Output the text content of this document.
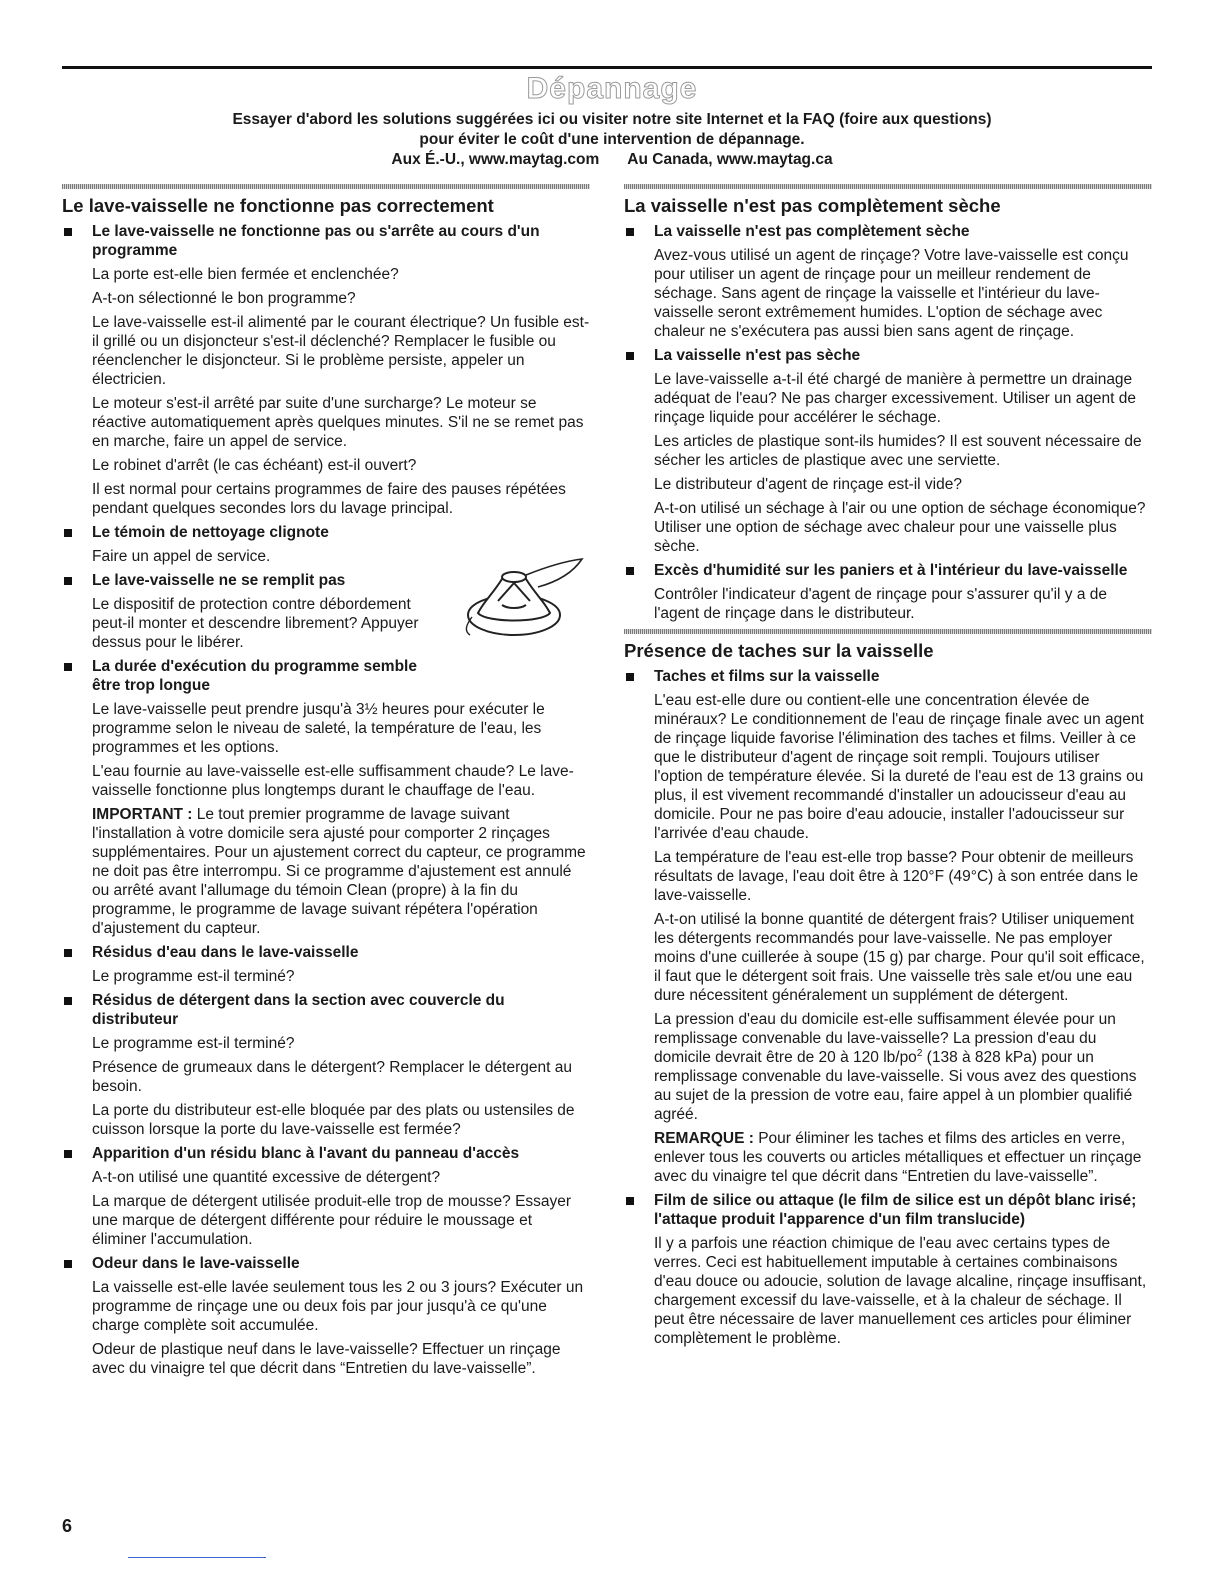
Dépannage
Essayer d'abord les solutions suggérées ici ou visiter notre site Internet et la FAQ (foire aux questions)
pour éviter le coût d'une intervention de dépannage.
Aux É.-U., www.maytag.com Au Canada, www.maytag.ca
Le lave-vaisselle ne fonctionne pas correctement
Le lave-vaisselle ne fonctionne pas ou s'arrête au cours d'un programme

La porte est-elle bien fermée et enclenchée?

A-t-on sélectionné le bon programme?

Le lave-vaisselle est-il alimenté par le courant électrique? Un fusible est-il grillé ou un disjoncteur s'est-il déclenché? Remplacer le fusible ou réenclencher le disjoncteur. Si le problème persiste, appeler un électricien.

Le moteur s'est-il arrêté par suite d'une surcharge? Le moteur se réactive automatiquement après quelques minutes. S'il ne se remet pas en marche, faire un appel de service.

Le robinet d'arrêt (le cas échéant) est-il ouvert?

Il est normal pour certains programmes de faire des pauses répétées pendant quelques secondes lors du lavage principal.

Le témoin de nettoyage clignote

Faire un appel de service.

Le lave-vaisselle ne se remplit pas

Le dispositif de protection contre débordement peut-il monter et descendre librement? Appuyer dessus pour le libérer.

La durée d'exécution du programme semble être trop longue

Le lave-vaisselle peut prendre jusqu'à 3½ heures pour exécuter le programme selon le niveau de saleté, la température de l'eau, les programmes et les options.

L'eau fournie au lave-vaisselle est-elle suffisamment chaude? Le lave-vaisselle fonctionne plus longtemps durant le chauffage de l'eau.

IMPORTANT : Le tout premier programme de lavage suivant l'installation à votre domicile sera ajusté pour comporter 2 rinçages supplémentaires. Pour un ajustement correct du capteur, ce programme ne doit pas être interrompu. Si ce programme d'ajustement est annulé ou arrêté avant l'allumage du témoin Clean (propre) à la fin du programme, le programme de lavage suivant répétera l'opération d'ajustement du capteur.

Résidus d'eau dans le lave-vaisselle

Le programme est-il terminé?

Résidus de détergent dans la section avec couvercle du distributeur

Le programme est-il terminé?

Présence de grumeaux dans le détergent? Remplacer le détergent au besoin.

La porte du distributeur est-elle bloquée par des plats ou ustensiles de cuisson lorsque la porte du lave-vaisselle est fermée?

Apparition d'un résidu blanc à l'avant du panneau d'accès

A-t-on utilisé une quantité excessive de détergent?

La marque de détergent utilisée produit-elle trop de mousse? Essayer une marque de détergent différente pour réduire le moussage et éliminer l'accumulation.

Odeur dans le lave-vaisselle

La vaisselle est-elle lavée seulement tous les 2 ou 3 jours? Exécuter un programme de rinçage une ou deux fois par jour jusqu'à ce qu'une charge complète soit accumulée.

Odeur de plastique neuf dans le lave-vaisselle? Effectuer un rinçage avec du vinaigre tel que décrit dans “Entretien du lave-vaisselle”.

La vaisselle n'est pas complètement sèche
La vaisselle n'est pas complètement sèche

Avez-vous utilisé un agent de rinçage? Votre lave-vaisselle est conçu pour utiliser un agent de rinçage pour un meilleur rendement de séchage. Sans agent de rinçage la vaisselle et l'intérieur du lave-vaisselle seront extrêmement humides. L'option de séchage avec chaleur ne s'exécutera pas aussi bien sans agent de rinçage.

La vaisselle n'est pas sèche

Le lave-vaisselle a-t-il été chargé de manière à permettre un drainage adéquat de l'eau? Ne pas charger excessivement. Utiliser un agent de rinçage liquide pour accélérer le séchage.

Les articles de plastique sont-ils humides? Il est souvent nécessaire de sécher les articles de plastique avec une serviette.

Le distributeur d'agent de rinçage est-il vide?

A-t-on utilisé un séchage à l'air ou une option de séchage économique? Utiliser une option de séchage avec chaleur pour une vaisselle plus sèche.

Excès d'humidité sur les paniers et à l'intérieur du lave-vaisselle

Contrôler l'indicateur d'agent de rinçage pour s'assurer qu'il y a de l'agent de rinçage dans le distributeur.

Présence de taches sur la vaisselle
Taches et films sur la vaisselle

L'eau est-elle dure ou contient-elle une concentration élevée de minéraux? Le conditionnement de l'eau de rinçage finale avec un agent de rinçage liquide favorise l'élimination des taches et films. Veiller à ce que le distributeur d'agent de rinçage soit rempli. Toujours utiliser l'option de température élevée. Si la dureté de l'eau est de 13 grains ou plus, il est vivement recommandé d'installer un adoucisseur d'eau au domicile. Pour ne pas boire d'eau adoucie, installer l'adoucisseur sur l'arrivée d'eau chaude.

La température de l'eau est-elle trop basse? Pour obtenir de meilleurs résultats de lavage, l'eau doit être à 120°F (49°C) à son entrée dans le lave-vaisselle.

A-t-on utilisé la bonne quantité de détergent frais? Utiliser uniquement les détergents recommandés pour lave-vaisselle. Ne pas employer moins d'une cuillerée à soupe (15 g) par charge. Pour qu'il soit efficace, il faut que le détergent soit frais. Une vaisselle très sale et/ou une eau dure nécessitent généralement un supplément de détergent.

La pression d'eau du domicile est-elle suffisamment élevée pour un remplissage convenable du lave-vaisselle? La pression d'eau du domicile devrait être de 20 à 120 $lb/po^2$ (138 à 828 kPa) pour un remplissage convenable du lave-vaisselle. Si vous avez des questions au sujet de la pression de votre eau, faire appel à un plombier qualifié agréé.

REMARQUE : Pour éliminer les taches et films des articles en verre, enlever tous les couverts ou articles métalliques et effectuer un rinçage avec du vinaigre tel que décrit dans “Entretien du lave-vaisselle”.

Film de silice ou attaque (le film de silice est un dépôt blanc irisé; l'attaque produit l'apparence d'un film translucide)

Il y a parfois une réaction chimique de l'eau avec certains types de verres. Ceci est habituellement imputable à certaines combinaisons d'eau douce ou adoucie, solution de lavage alcaline, rinçage insuffisant, chargement excessif du lave-vaisselle, et à la chaleur de séchage. Il peut être nécessaire de laver manuellement ces articles pour éliminer complètement le problème.

6
